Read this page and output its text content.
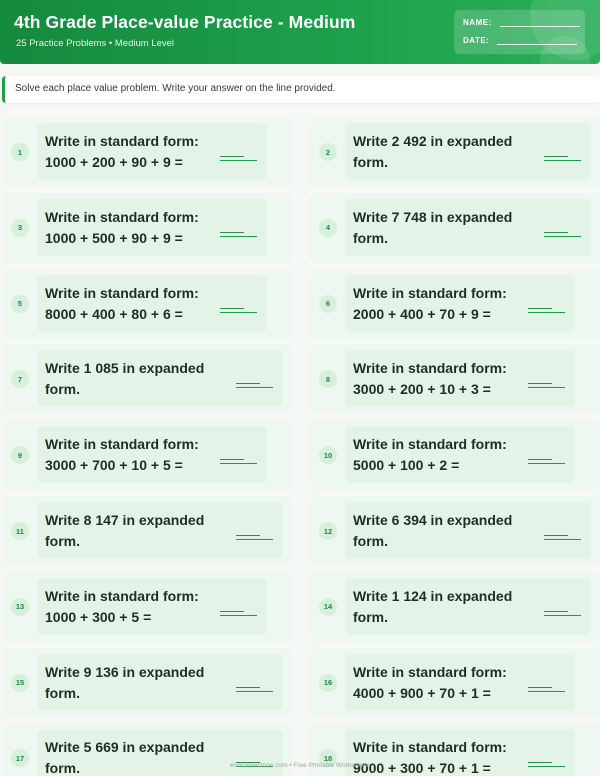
4th Grade Place-value Practice - Medium
25 Practice Problems • Medium Level
NAME:
DATE:
Solve each place value problem. Write your answer on the line provided.
1
Write in standard form:
1000 + 200 + 90 + 9 =
2
Write 2 492 in expanded
form.
3
Write in standard form:
1000 + 500 + 90 + 9 =
4
Write 7 748 in expanded
form.
5
Write in standard form:
8000 + 400 + 80 + 6 =
6
Write in standard form:
2000 + 400 + 70 + 9 =
7
Write 1 085 in expanded
form.
8
Write in standard form:
3000 + 200 + 10 + 3 =
9
Write in standard form:
3000 + 700 + 10 + 5 =
10
Write in standard form:
5000 + 100 + 2 =
11
Write 8 147 in expanded
form.
12
Write 6 394 in expanded
form.
13
Write in standard form:
1000 + 300 + 5 =
14
Write 1 124 in expanded
form.
15
Write 9 136 in expanded
form.
16
Write in standard form:
4000 + 900 + 70 + 1 =
17
Write 5 669 in expanded
form.
18
Write in standard form:
9000 + 300 + 70 + 1 =
worksheetzone.com • Free Printable Worksheets
